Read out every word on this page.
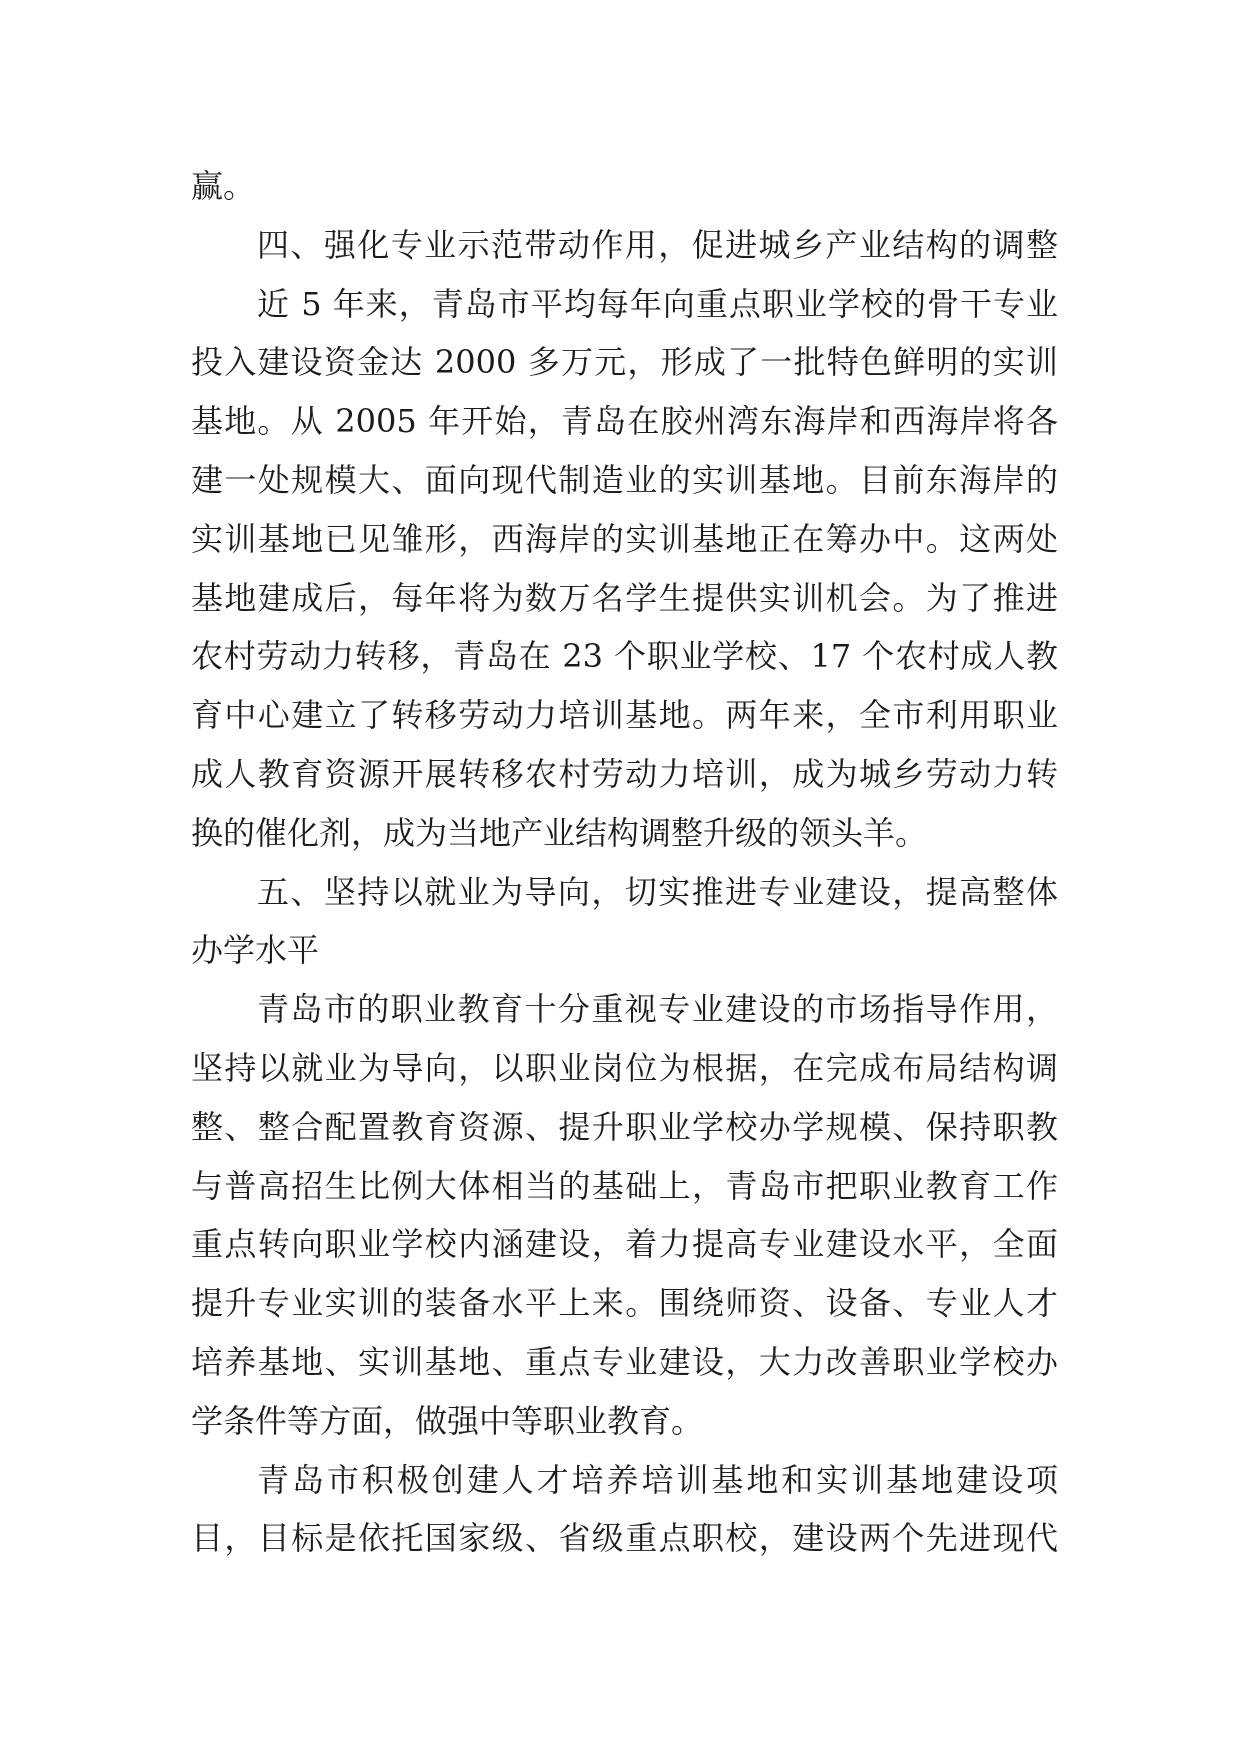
赢。
四、强化专业示范带动作用，促进城乡产业结构的调整
近 5 年来，青岛市平均每年向重点职业学校的骨干专业
投入建设资金达 2000 多万元，形成了一批特色鲜明的实训
基地。从 2005 年开始，青岛在胶州湾东海岸和西海岸将各
建一处规模大、面向现代制造业的实训基地。目前东海岸的
实训基地已见雏形，西海岸的实训基地正在筹办中。这两处
基地建成后，每年将为数万名学生提供实训机会。为了推进
农村劳动力转移，青岛在 23 个职业学校、17 个农村成人教
育中心建立了转移劳动力培训基地。两年来，全市利用职业
成人教育资源开展转移农村劳动力培训，成为城乡劳动力转
换的催化剂，成为当地产业结构调整升级的领头羊。
五、坚持以就业为导向，切实推进专业建设，提高整体
办学水平
青岛市的职业教育十分重视专业建设的市场指导作用，
坚持以就业为导向，以职业岗位为根据，在完成布局结构调
整、整合配置教育资源、提升职业学校办学规模、保持职教
与普高招生比例大体相当的基础上，青岛市把职业教育工作
重点转向职业学校内涵建设，着力提高专业建设水平，全面
提升专业实训的装备水平上来。围绕师资、设备、专业人才
培养基地、实训基地、重点专业建设，大力改善职业学校办
学条件等方面，做强中等职业教育。
青岛市积极创建人才培养培训基地和实训基地建设项
目，目标是依托国家级、省级重点职校，建设两个先进现代
